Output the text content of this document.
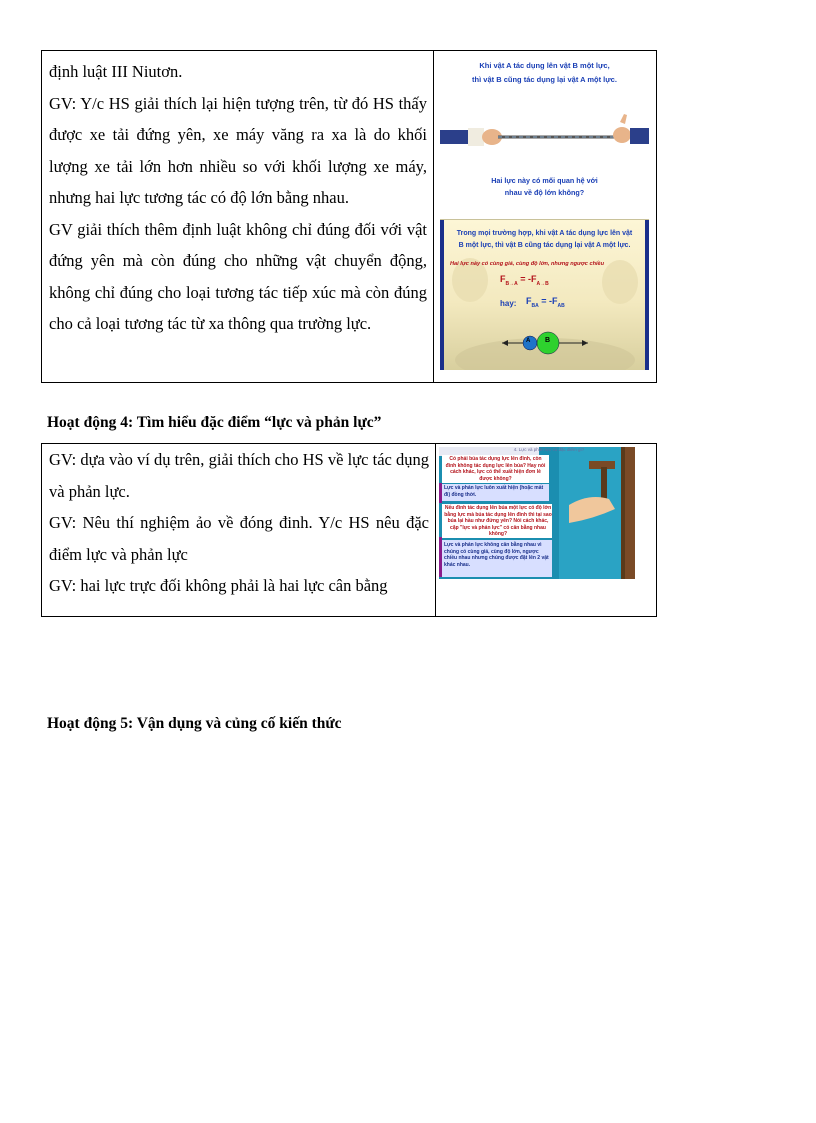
định luật III Niutơn.

GV: Y/c HS giải thích lại hiện tượng trên, từ đó HS thấy được xe tải đứng yên, xe máy văng ra xa là do khối lượng xe tải lớn hơn nhiều so với khối lượng xe máy, nhưng hai lực tương tác có độ lớn bằng nhau.

GV giải thích thêm định luật không chỉ đúng đối với vật đứng yên mà còn đúng cho những vật chuyển động, không chỉ đúng cho loại tương tác tiếp xúc mà còn đúng cho cả loại tương tác từ xa thông qua trường lực.

Khi vật A tác dụng lên vật B một lực,
thì vật B cũng tác dụng lại vật A một lực.
Hai lực này có mối quan hệ với
nhau về độ lớn không?
Trong mọi trường hợp, khi vật A tác dụng lực lên vật
B một lực, thì vật B cũng tác dụng lại vật A một lực.
Hai lực này có cùng giá, cùng độ lớn, nhưng ngược chiều
$F_{B\to A} = -F_{A\to B}$
hay: $F_{BA} = -F_{AB}$
A B

Hoạt động 4: Tìm hiểu đặc điểm “lực và phản lực”

GV: dựa vào ví dụ trên, giải thích cho HS về lực tác dụng và phản lực.

GV: Nêu thí nghiệm ảo về đóng đinh. Y/c HS nêu đặc điểm lực và phản lực

GV: hai lực trực đối không phải là hai lực cân bằng

4. Lực và phản lực có đặc điểm gì?
Có phải búa tác dụng lực lên đinh, còn đinh không tác dụng lực lên búa? Hay nói cách khác, lực có thể xuất hiện đơn lẻ được không?
Lực và phản lực luôn xuất hiện (hoặc mất đi) đồng thời.
Nếu đinh tác dụng lên búa một lực có độ lớn bằng lực mà búa tác dụng lên đinh thì tại sao búa lại hầu như đứng yên? Nói cách khác, cặp "lực và phản lực" có cân bằng nhau không?
Lực và phản lực không cân bằng nhau vì chúng có cùng giá, cùng độ lớn, ngược chiều nhau nhưng chúng được đặt lên 2 vật khác nhau.

Hoạt động 5: Vận dụng và củng cố kiến thức
